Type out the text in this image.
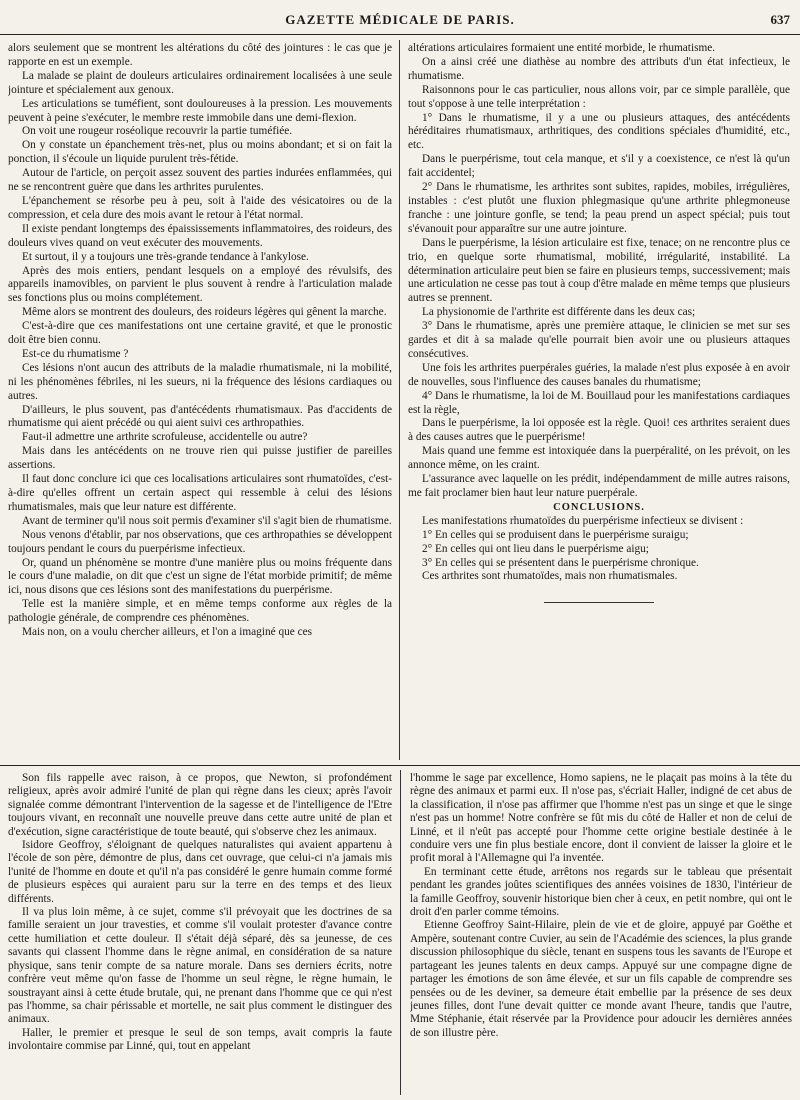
GAZETTE MÉDICALE DE PARIS.	637

alors seulement que se montrent les altérations du côté des jointures : le cas que je rapporte en est un exemple.

La malade se plaint de douleurs articulaires ordinairement localisées à une seule jointure et spécialement aux genoux.

Les articulations se tuméfient, sont douloureuses à la pression. Les mouvements peuvent à peine s'exécuter, le membre reste immobile dans une demi-flexion.

On voit une rougeur roséolique recouvrir la partie tuméfiée.

On y constate un épanchement très-net, plus ou moins abondant; et si on fait la ponction, il s'écoule un liquide purulent très-fétide.

Autour de l'article, on perçoit assez souvent des parties indurées enflammées, qui ne se rencontrent guère que dans les arthrites purulentes.

L'épanchement se résorbe peu à peu, soit à l'aide des vésicatoires ou de la compression, et cela dure des mois avant le retour à l'état normal.

Il existe pendant longtemps des épaississements inflammatoires, des roideurs, des douleurs vives quand on veut exécuter des mouvements.

Et surtout, il y a toujours une très-grande tendance à l'ankylose.

Après des mois entiers, pendant lesquels on a employé des révulsifs, des appareils inamovibles, on parvient le plus souvent à rendre à l'articulation malade ses fonctions plus ou moins complétement.

Même alors se montrent des douleurs, des roideurs légères qui gênent la marche.

C'est-à-dire que ces manifestations ont une certaine gravité, et que le pronostic doit être bien connu.

Est-ce du rhumatisme ?

Ces lésions n'ont aucun des attributs de la maladie rhumatismale, ni la mobilité, ni les phénomènes fébriles, ni les sueurs, ni la fréquence des lésions cardiaques ou autres.

D'ailleurs, le plus souvent, pas d'antécédents rhumatismaux. Pas d'accidents de rhumatisme qui aient précédé ou qui aient suivi ces arthropathies.

Faut-il admettre une arthrite scrofuleuse, accidentelle ou autre?

Mais dans les antécédents on ne trouve rien qui puisse justifier de pareilles assertions.

Il faut donc conclure ici que ces localisations articulaires sont rhumatoïdes, c'est-à-dire qu'elles offrent un certain aspect qui ressemble à celui des lésions rhumatismales, mais que leur nature est différente.

Avant de terminer qu'il nous soit permis d'examiner s'il s'agit bien de rhumatisme.

Nous venons d'établir, par nos observations, que ces arthropathies se développent toujours pendant le cours du puerpérisme infectieux.

Or, quand un phénomène se montre d'une manière plus ou moins fréquente dans le cours d'une maladie, on dit que c'est un signe de l'état morbide primitif; de même ici, nous disons que ces lésions sont des manifestations du puerpérisme.

Telle est la manière simple, et en même temps conforme aux règles de la pathologie générale, de comprendre ces phénomènes.

Mais non, on a voulu chercher ailleurs, et l'on a imaginé que ces

altérations articulaires formaient une entité morbide, le rhumatisme.

On a ainsi créé une diathèse au nombre des attributs d'un état infectieux, le rhumatisme.

Raisonnons pour le cas particulier, nous allons voir, par ce simple parallèle, que tout s'oppose à une telle interprétation :

1° Dans le rhumatisme, il y a une ou plusieurs attaques, des antécédents héréditaires rhumatismaux, arthritiques, des conditions spéciales d'humidité, etc., etc.

Dans le puerpérisme, tout cela manque, et s'il y a coexistence, ce n'est là qu'un fait accidentel;

2° Dans le rhumatisme, les arthrites sont subites, rapides, mobiles, irrégulières, instables : c'est plutôt une fluxion phlegmasique qu'une arthrite phlegmoneuse franche : une jointure gonfle, se tend; la peau prend un aspect spécial; puis tout s'évanouit pour apparaître sur une autre jointure.

Dans le puerpérisme, la lésion articulaire est fixe, tenace; on ne rencontre plus ce trio, en quelque sorte rhumatismal, mobilité, irrégularité, instabilité. La détermination articulaire peut bien se faire en plusieurs temps, successivement; mais une articulation ne cesse pas tout à coup d'être malade en même temps que plusieurs autres se prennent.

La physionomie de l'arthrite est différente dans les deux cas;

3° Dans le rhumatisme, après une première attaque, le clinicien se met sur ses gardes et dit à sa malade qu'elle pourrait bien avoir une ou plusieurs attaques consécutives.

Une fois les arthrites puerpérales guéries, la malade n'est plus exposée à en avoir de nouvelles, sous l'influence des causes banales du rhumatisme;

4° Dans le rhumatisme, la loi de M. Bouillaud pour les manifestations cardiaques est la règle,

Dans le puerpérisme, la loi opposée est la règle. Quoi! ces arthrites seraient dues à des causes autres que le puerpérisme!

Mais quand une femme est intoxiquée dans la puerpéralité, on les prévoit, on les annonce même, on les craint.

L'assurance avec laquelle on les prédit, indépendamment de mille autres raisons, me fait proclamer bien haut leur nature puerpérale.

CONCLUSIONS.

Les manifestations rhumatoïdes du puerpérisme infectieux se divisent :

1° En celles qui se produisent dans le puerpérisme suraigu;

2° En celles qui ont lieu dans le puerpérisme aigu;

3° En celles qui se présentent dans le puerpérisme chronique.

Ces arthrites sont rhumatoïdes, mais non rhumatismales.

Son fils rappelle avec raison, à ce propos, que Newton, si profondément religieux, après avoir admiré l'unité de plan qui règne dans les cieux; après l'avoir signalée comme démontrant l'intervention de la sagesse et de l'intelligence de l'Etre toujours vivant, en reconnaît une nouvelle preuve dans cette autre unité de plan et d'exécution, signe caractéristique de toute beauté, qui s'observe chez les animaux.

Isidore Geoffroy, s'éloignant de quelques naturalistes qui avaient appartenu à l'école de son père, démontre de plus, dans cet ouvrage, que celui-ci n'a jamais mis l'unité de l'homme en doute et qu'il n'a pas considéré le genre humain comme formé de plusieurs espèces qui auraient paru sur la terre en des temps et des lieux différents.

Il va plus loin même, à ce sujet, comme s'il prévoyait que les doctrines de sa famille seraient un jour travesties, et comme s'il voulait protester d'avance contre cette humiliation et cette douleur. Il s'était déjà séparé, dès sa jeunesse, de ces savants qui classent l'homme dans le règne animal, en considération de sa nature physique, sans tenir compte de sa nature morale. Dans ses derniers écrits, notre confrère veut même qu'on fasse de l'homme un seul règne, le règne humain, le soustrayant ainsi à cette étude brutale, qui, ne prenant dans l'homme que ce qui n'est pas l'homme, sa chair périssable et mortelle, ne sait plus comment le distinguer des animaux.

Haller, le premier et presque le seul de son temps, avait compris la faute involontaire commise par Linné, qui, tout en appelant

l'homme le sage par excellence, Homo sapiens, ne le plaçait pas moins à la tête du règne des animaux et parmi eux. Il n'ose pas, s'écriait Haller, indigné de cet abus de la classification, il n'ose pas affirmer que l'homme n'est pas un singe et que le singe n'est pas un homme! Notre confrère se fût mis du côté de Haller et non de celui de Linné, et il n'eût pas accepté pour l'homme cette origine bestiale destinée à le conduire vers une fin plus bestiale encore, dont il convient de laisser la gloire et le profit moral à l'Allemagne qui l'a inventée.

En terminant cette étude, arrêtons nos regards sur le tableau que présentait pendant les grandes joûtes scientifiques des années voisines de 1830, l'intérieur de la famille Geoffroy, souvenir historique bien cher à ceux, en petit nombre, qui ont le droit d'en parler comme témoins.

Etienne Geoffroy Saint-Hilaire, plein de vie et de gloire, appuyé par Goëthe et Ampère, soutenant contre Cuvier, au sein de l'Académie des sciences, la plus grande discussion philosophique du siècle, tenant en suspens tous les savants de l'Europe et partageant les jeunes talents en deux camps. Appuyé sur une compagne digne de partager les émotions de son âme élevée, et sur un fils capable de comprendre ses pensées ou de les deviner, sa demeure était embellie par la présence de ses deux jeunes filles, dont l'une devait quitter ce monde avant l'heure, tandis que l'autre, Mme Stéphanie, était réservée par la Providence pour adoucir les dernières années de son illustre père.
